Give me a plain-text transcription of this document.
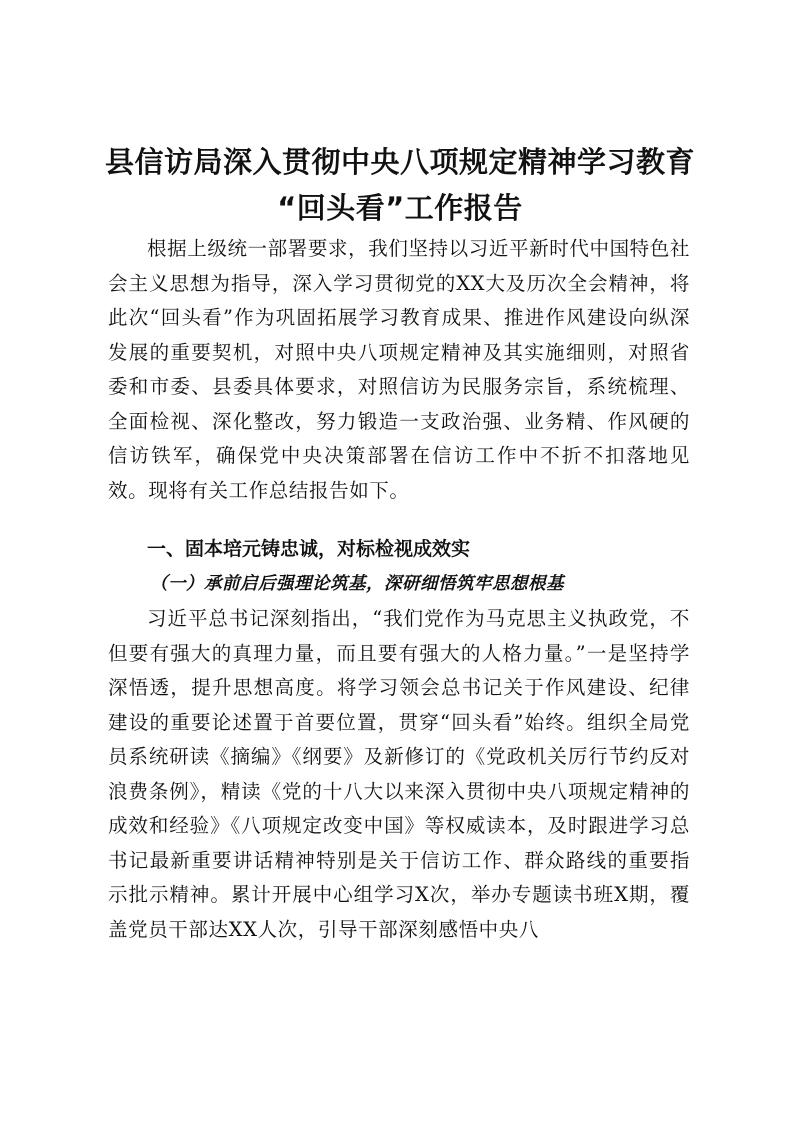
县信访局深入贯彻中央八项规定精神学习教育
“回头看”工作报告
根据上级统一部署要求，我们坚持以习近平新时代中国特色社会主义思想为指导，深入学习贯彻党的XX大及历次全会精神，将此次“回头看”作为巩固拓展学习教育成果、推进作风建设向纵深发展的重要契机，对照中央八项规定精神及其实施细则，对照省委和市委、县委具体要求，对照信访为民服务宗旨，系统梳理、全面检视、深化整改，努力锻造一支政治强、业务精、作风硬的信访铁军，确保党中央决策部署在信访工作中不折不扣落地见效。现将有关工作总结报告如下。
一、固本培元铸忠诚，对标检视成效实
（一）承前启后强理论筑基，深研细悟筑牢思想根基
习近平总书记深刻指出，“我们党作为马克思主义执政党，不但要有强大的真理力量，而且要有强大的人格力量。”一是坚持学深悟透，提升思想高度。将学习领会总书记关于作风建设、纪律建设的重要论述置于首要位置，贯穿“回头看”始终。组织全局党员系统研读《摘编》《纲要》及新修订的《党政机关厉行节约反对浪费条例》，精读《党的十八大以来深入贯彻中央八项规定精神的成效和经验》《八项规定改变中国》等权威读本，及时跟进学习总书记最新重要讲话精神特别是关于信访工作、群众路线的重要指示批示精神。累计开展中心组学习X次，举办专题读书班X期，覆盖党员干部达XX人次，引导干部深刻感悟中央八
